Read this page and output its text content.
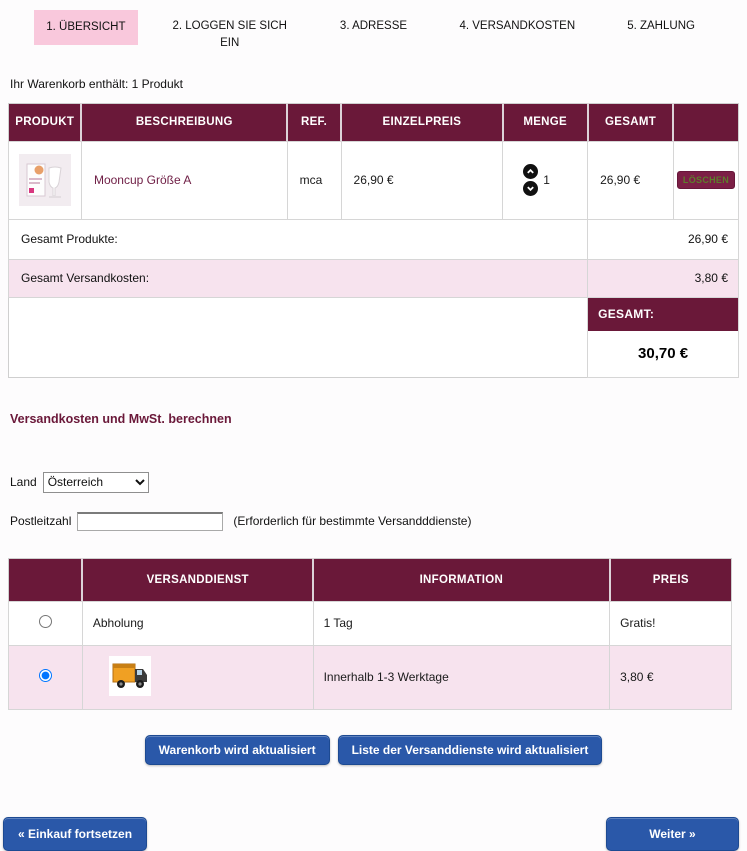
1. ÜBERSICHT	2. LOGGEN SIE SICH EIN
3. ADRESSE	4. VERSANDKOSTEN	5. ZAHLUNG

Ihr Warenkorb enthält: 1 Produkt

PRODUKT	BESCHREIBUNG	REF.	EINZELPREIS	MENGE	GESAMT	

	Mooncup Größe A	mca	26,90 €	1	26,90 €	LÖSCHEN
Gesamt Produkte:					26,90 €	
Gesamt Versandkosten:					3,80 €	

GESAMT:
30,70 €	
Versandkosten und MwSt. berechnen
Land
Österreich
Postleitzahl	(Erforderlich für bestimmte Versandddienste)
	VERSANDDIENST	INFORMATION	PREIS
	Abholung	1 Tag	Gratis!
		Innerhalb 1-3 Werktage	3,80 €
Warenkorb wird aktualisiert	Liste der Versanddienste wird aktualisiert
« Einkauf fortsetzen	Weiter »
